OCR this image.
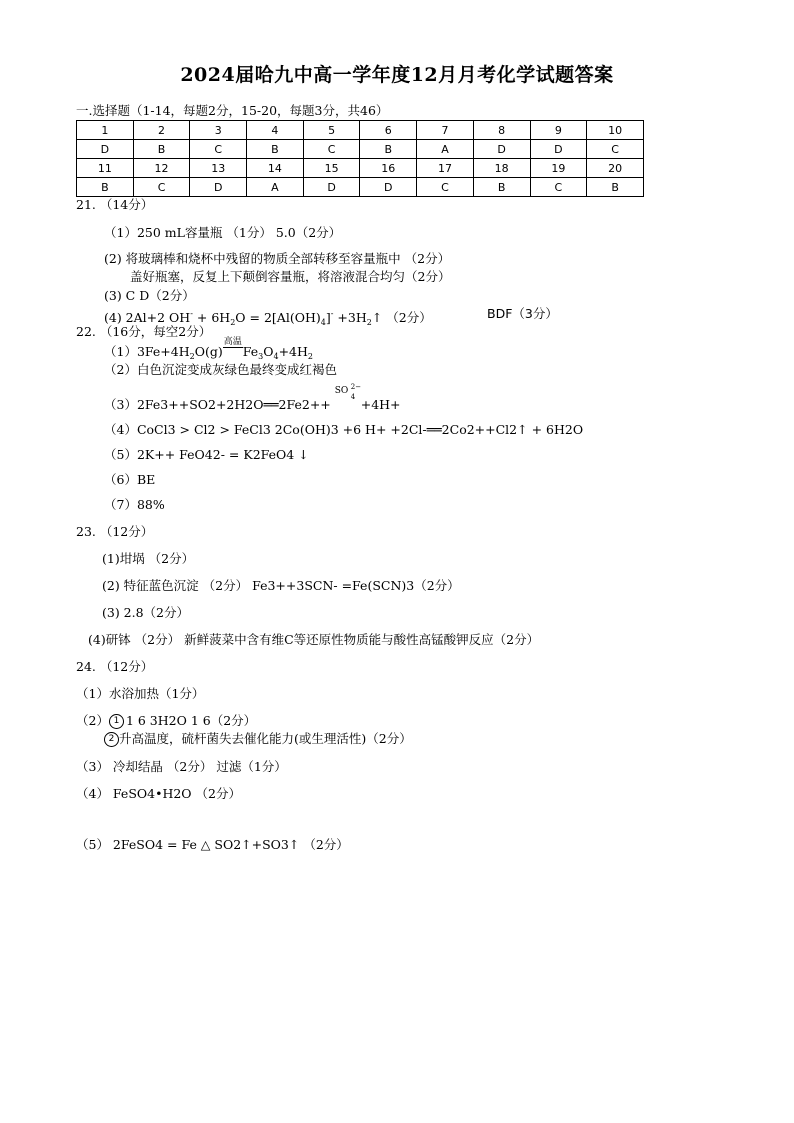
2024届哈九中高一学年度12月月考化学试题答案
一.选择题（1-14，每题2分，15-20，每题3分，共46）
1	2	3	4	5	6	7	8	9	10
D	B	C	B	C	B	A	D	D	C
11	12	13	14	15	16	17	18	19	20
B	C	D	A	D	D	C	B	C	B
21. （14分）
（1）250 mL容量瓶 （1分） 5.0（2分）
(2) 将玻璃棒和烧杯中残留的物质全部转移至容量瓶中 （2分）
盖好瓶塞，反复上下颠倒容量瓶，将溶液混合均匀（2分）
(3) C D（2分）
(4) 2Al+2 $OH^- + 6H_2O = 2[Al(OH)_4]^-$ $+3H_2↑$ （2分）	BDF（3分）
22. （16分，每空2分）
$(1)3Fe+4H_2O(g)$
高温
$Fe_3O_4+4H_2$
（2）白色沉淀变成灰绿色最终变成红褐色
（3）2Fe3++SO2+2H2O══2Fe2++
SO 2−
4 +4H+
（4）CoCl3 > Cl2 > FeCl3 2Co(OH)3 +6 H+ +2Cl-══2Co2++Cl2↑ + 6H2O
（5）2K++ FeO42- = K2FeO4 ↓
（6）BE
（7）88%
23. （12分）
(1)坩埚 （2分）
(2) 特征蓝色沉淀 （2分） Fe3++3SCN- =Fe(SCN)3（2分）
(3) 2.8（2分）
(4)研钵 （2分） 新鲜菠菜中含有维C等还原性物质能与酸性高锰酸钾反应（2分）
24. （12分）
（1）水浴加热（1分）
（2） 1 1 6 3H2O 1 6（2分）
2 升高温度，硫杆菌失去催化能力(或生理活性)（2分）
（3） 冷却结晶 （2分） 过滤（1分）
（4） FeSO4•H2O （2分）
（5） 2FeSO4 = Fe △ SO2↑+SO3↑ （2分）
